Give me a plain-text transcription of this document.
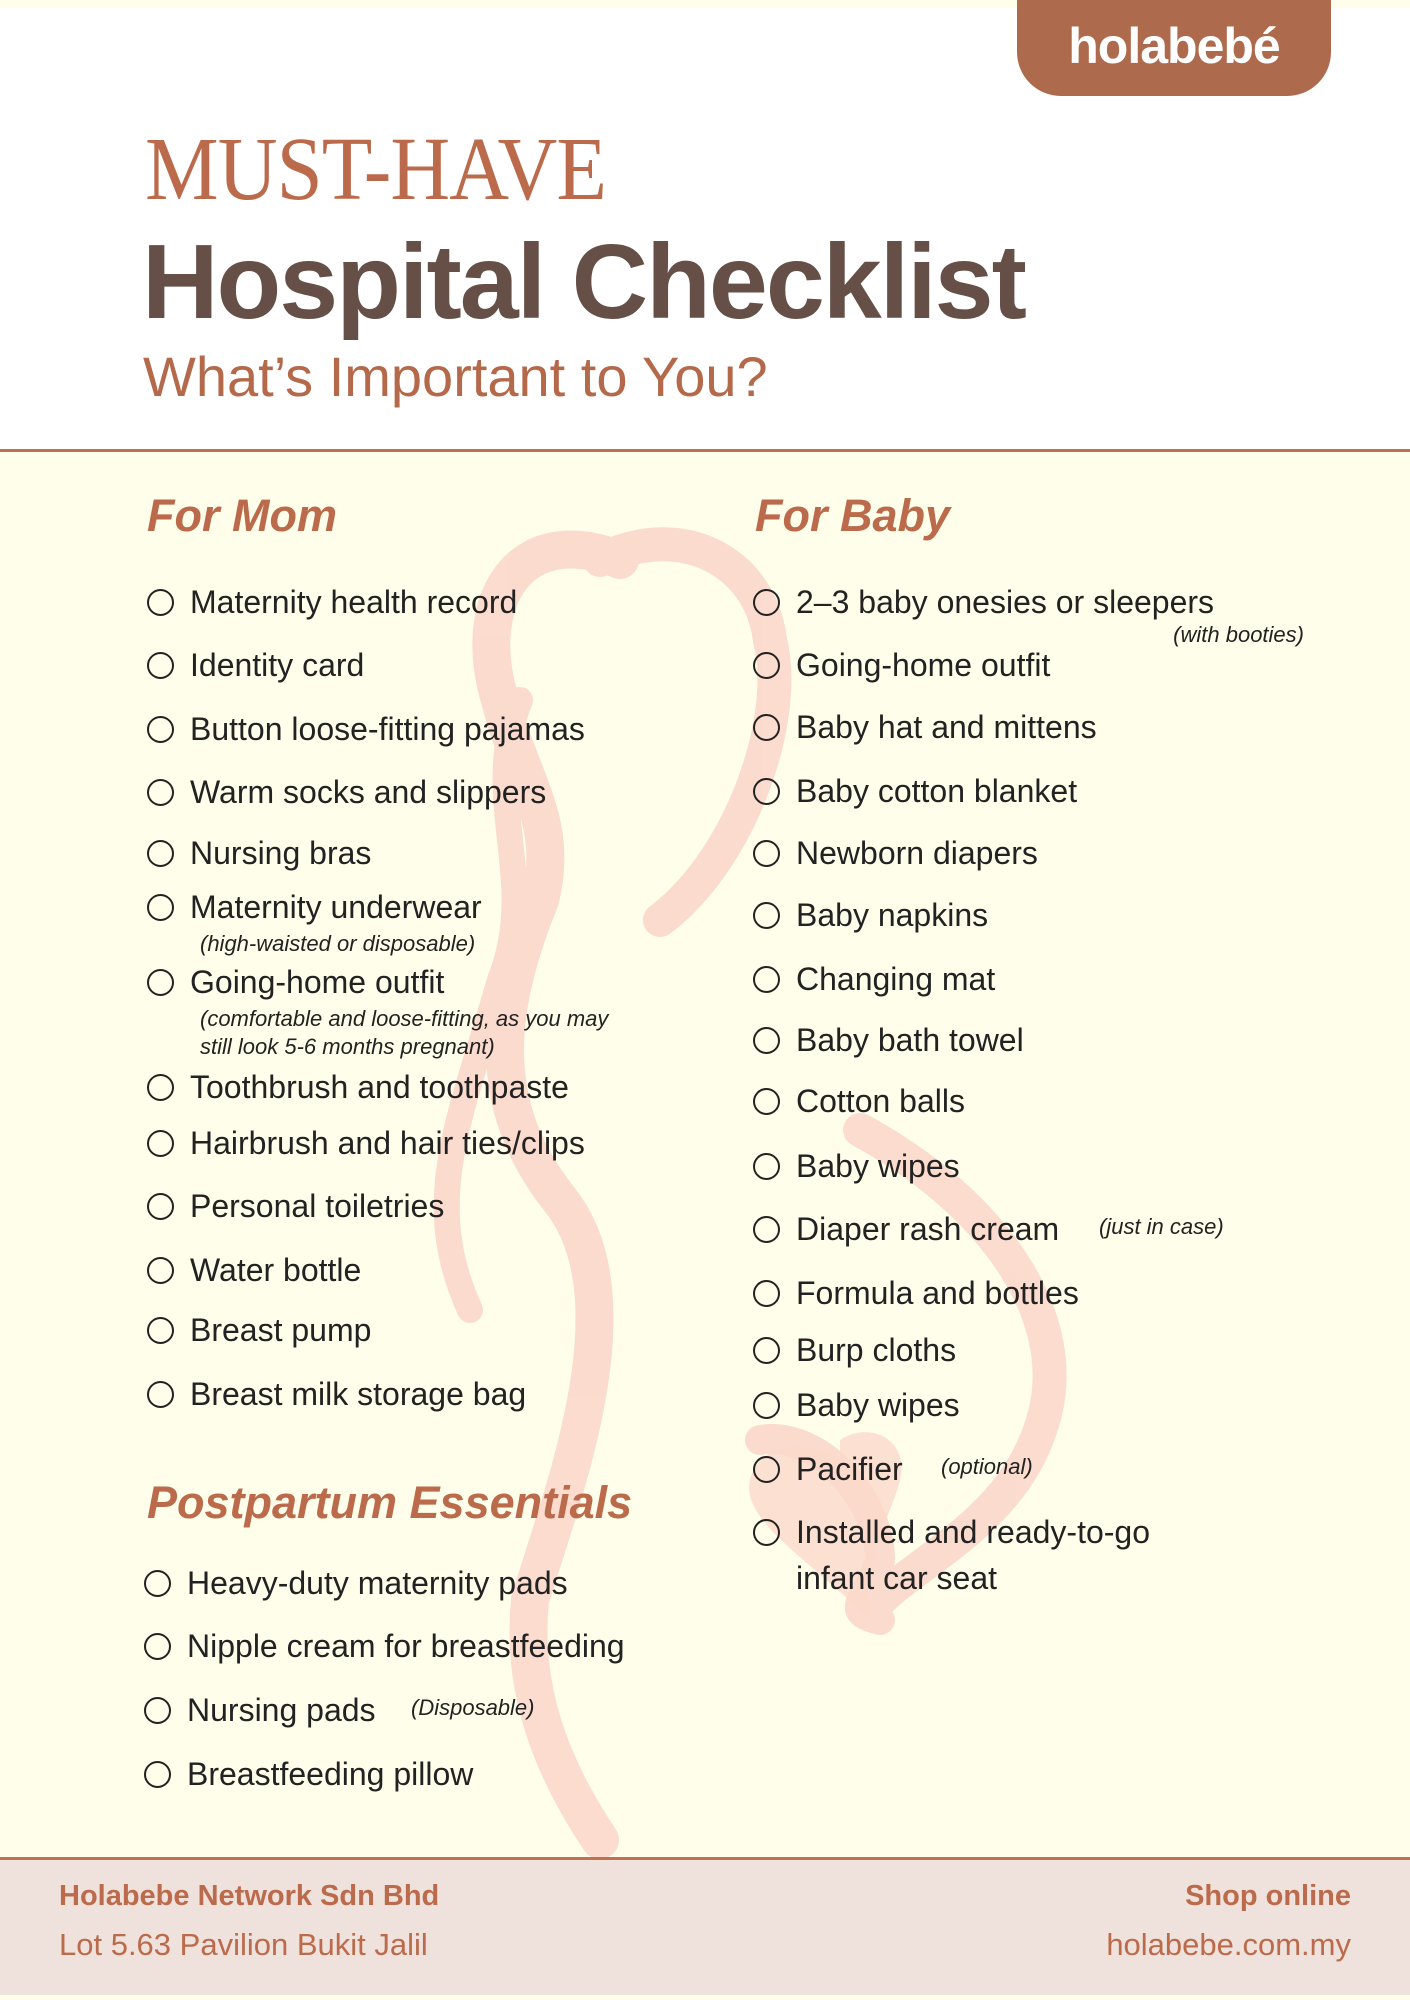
holabebé
MUST-HAVE
Hospital Checklist
What’s Important to You?
For Mom
Maternity health record
Identity card
Button loose-fitting pajamas
Warm socks and slippers
Nursing bras
Maternity underwear
(high-waisted or disposable)
Going-home outfit
(comfortable and loose-fitting, as you may
still look 5-6 months pregnant)
Toothbrush and toothpaste
Hairbrush and hair ties/clips
Personal toiletries
Water bottle
Breast pump
Breast milk storage bag
Postpartum Essentials
Heavy-duty maternity pads
Nipple cream for breastfeeding
Nursing pads (Disposable)
Breastfeeding pillow
For Baby
2–3 baby onesies or sleepers
(with booties)
Going-home outfit
Baby hat and mittens
Baby cotton blanket
Newborn diapers
Baby napkins
Changing mat
Baby bath towel
Cotton balls
Baby wipes
Diaper rash cream (just in case)
Formula and bottles
Burp cloths
Baby wipes
Pacifier (optional)
Installed and ready-to-go
infant car seat
Holabebe Network Sdn Bhd
Lot 5.63 Pavilion Bukit Jalil
Shop online
holabebe.com.my
